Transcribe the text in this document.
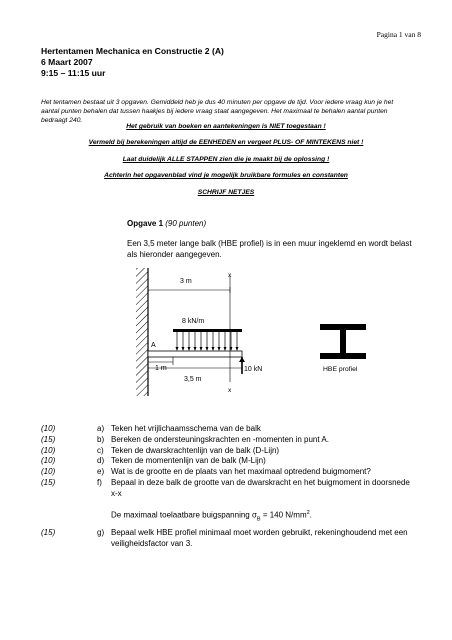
Pagina 1 van 8
Hertentamen Mechanica en Constructie 2 (A)
6 Maart 2007
9:15 – 11:15 uur
Het tentamen bestaat uit 3 opgaven. Gemiddeld heb je dus 40 minuten per opgave de tijd. Voor iedere vraag kun je het aantal punten behalen dat tussen haakjes bij iedere vraag staat aangegeven. Het maximaal te behalen aantal punten bedraagt 240.
Het gebruik van boeken en aantekeningen is NIET toegestaan !
Vermeld bij berekeningen altijd de EENHEDEN en vergeet PLUS- OF MINTEKENS niet !
Laat duidelijk ALLE STAPPEN zien die je maakt bij de oplossing !
Achterin het opgavenblad vind je mogelijk bruikbare formules en constanten
SCHRIJF NETJES
Opgave 1 (90 punten)
Een 3,5 meter lange balk (HBE profiel) is in een muur ingeklemd en wordt belast als hieronder aangegeven.
3 m
x
x
8 kN/m
A
1 m
3,5 m
10 kN	HBE profiel
(10)	a) Teken het vrijlichaamsschema van de balk
(15)	b) Bereken de ondersteuningskrachten en -momenten in punt A.
(10)	c) Teken de dwarskrachtenlijn van de balk (D-Lijn)
(10)	d) Teken de momentenlijn van de balk (M-Lijn)
(10)	e) Wat is de grootte en de plaats van het maximaal optredend buigmoment?
(15)	f) Bepaal in deze balk de grootte van de dwarskracht en het buigmoment in doorsnede x-x
De maximaal toelaatbare buigspanning $\sigma_B = 140$ $N/mm^2$.
(15)	g) Bepaal welk HBE profiel minimaal moet worden gebruikt, rekeninghoudend met een veiligheidsfactor van 3.
